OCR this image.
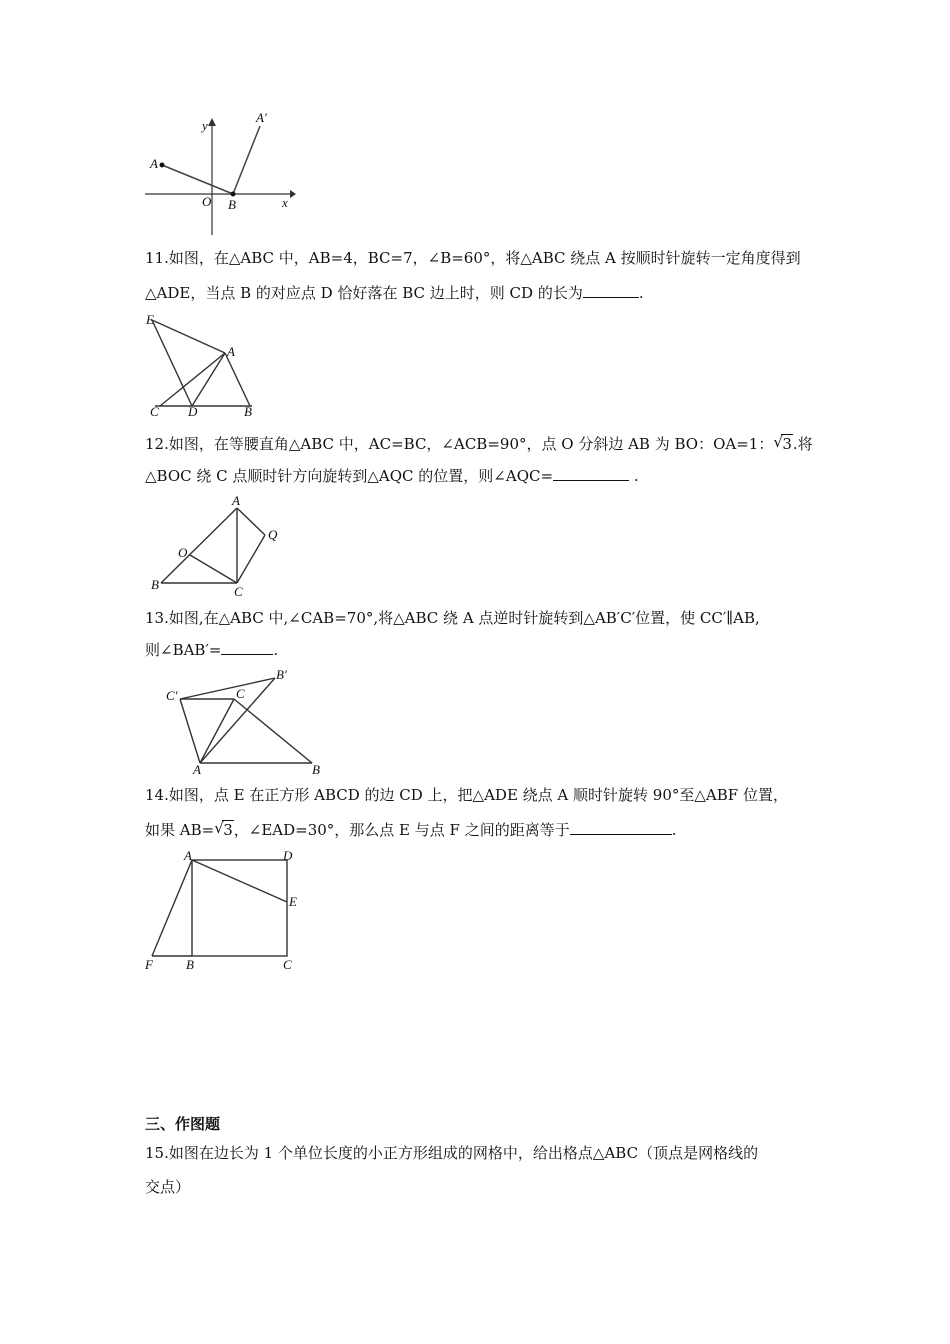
y
A′
A
O B	x
11.如图，在△ABC 中，AB=4，BC=7，∠B=60°，将△ABC 绕点 A 按顺时针旋转一定角度得到
△ADE，当点 B 的对应点 D 恰好落在 BC 边上时，则 CD 的长为	.
E
A
C D	B
12.如图，在等腰直角△ABC 中，AC=BC，∠ACB=90°，点 O 分斜边 AB 为 BO：OA=1： √ 3.将
△BOC 绕 C 点顺时针方向旋转到△AQC 的位置，则∠AQC=	.
A
Q
O
B	C
13.如图,在△ABC 中,∠CAB=70°,将△ABC 绕 A 点逆时针旋转到△AB′C′位置，使 CC′∥AB,
则∠BAB′=	.
C′	C
B′
A	B
14.如图，点 E 在正方形 ABCD 的边 CD 上，把△ADE 绕点 A 顺时针旋转 90°至△ABF 位置，
如果 AB= √ 3，∠EAD=30°，那么点 E 与点 F 之间的距离等于	.
A	D
E
F	B	C
三、作图题
15.如图在边长为 1 个单位长度的小正方形组成的网格中，给出格点△ABC（顶点是网格线的
交点）
